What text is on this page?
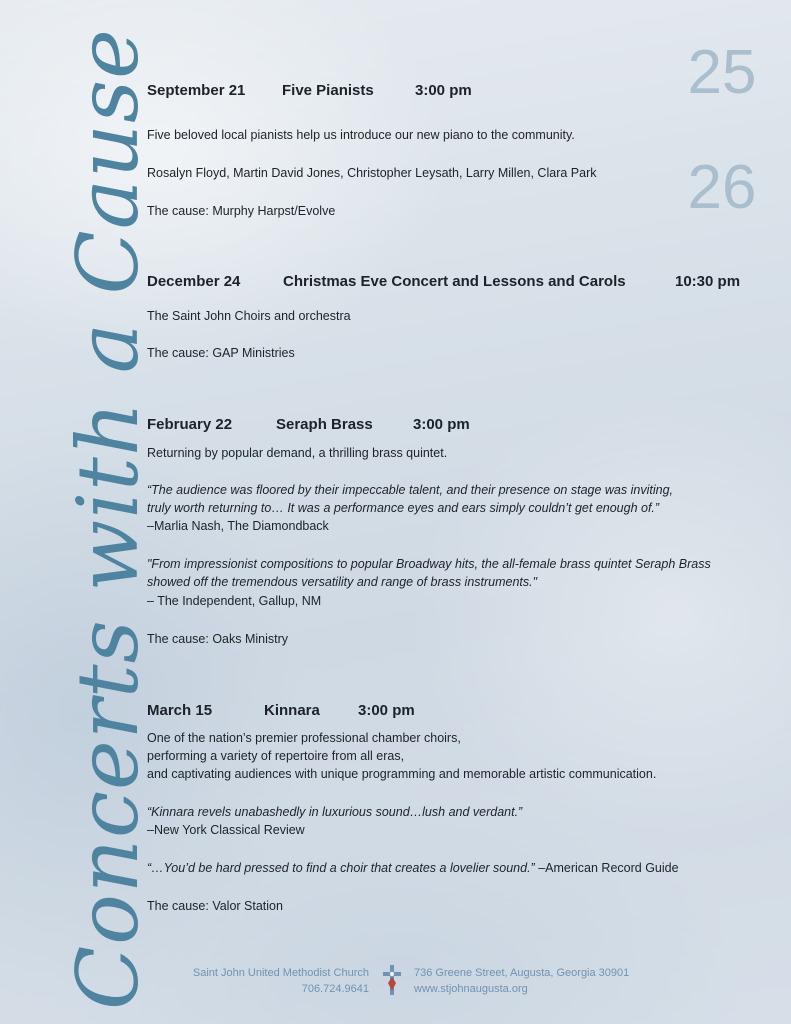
Concerts with a Cause	25
26
September 21 Five Pianists	3:00 pm
Five beloved local pianists help us introduce our new piano to the community.
Rosalyn Floyd, Martin David Jones, Christopher Leysath, Larry Millen, Clara Park
The cause: Murphy Harpst/Evolve
December 24	Christmas Eve Concert and Lessons and Carols	10:30 pm
The Saint John Choirs and orchestra
The cause: GAP Ministries
February 22	Seraph Brass	3:00 pm
Returning by popular demand, a thrilling brass quintet.
“The audience was floored by their impeccable talent, and their presence on stage was inviting,
truly worth returning to… It was a performance eyes and ears simply couldn’t get enough of.”
–Marlia Nash, The Diamondback
"From impressionist compositions to popular Broadway hits, the all-female brass quintet Seraph Brass
showed off the tremendous versatility and range of brass instruments."
– The Independent, Gallup, NM
The cause: Oaks Ministry
March 15	Kinnara	3:00 pm
One of the nation’s premier professional chamber choirs,
performing a variety of repertoire from all eras,
and captivating audiences with unique programming and memorable artistic communication.
“Kinnara revels unabashedly in luxurious sound…lush and verdant.”
–New York Classical Review
“…You’d be hard pressed to find a choir that creates a lovelier sound.” –American Record Guide
The cause: Valor Station
Saint John United Methodist Church
706.724.9641
736 Greene Street, Augusta, Georgia 30901
www.stjohnaugusta.org
